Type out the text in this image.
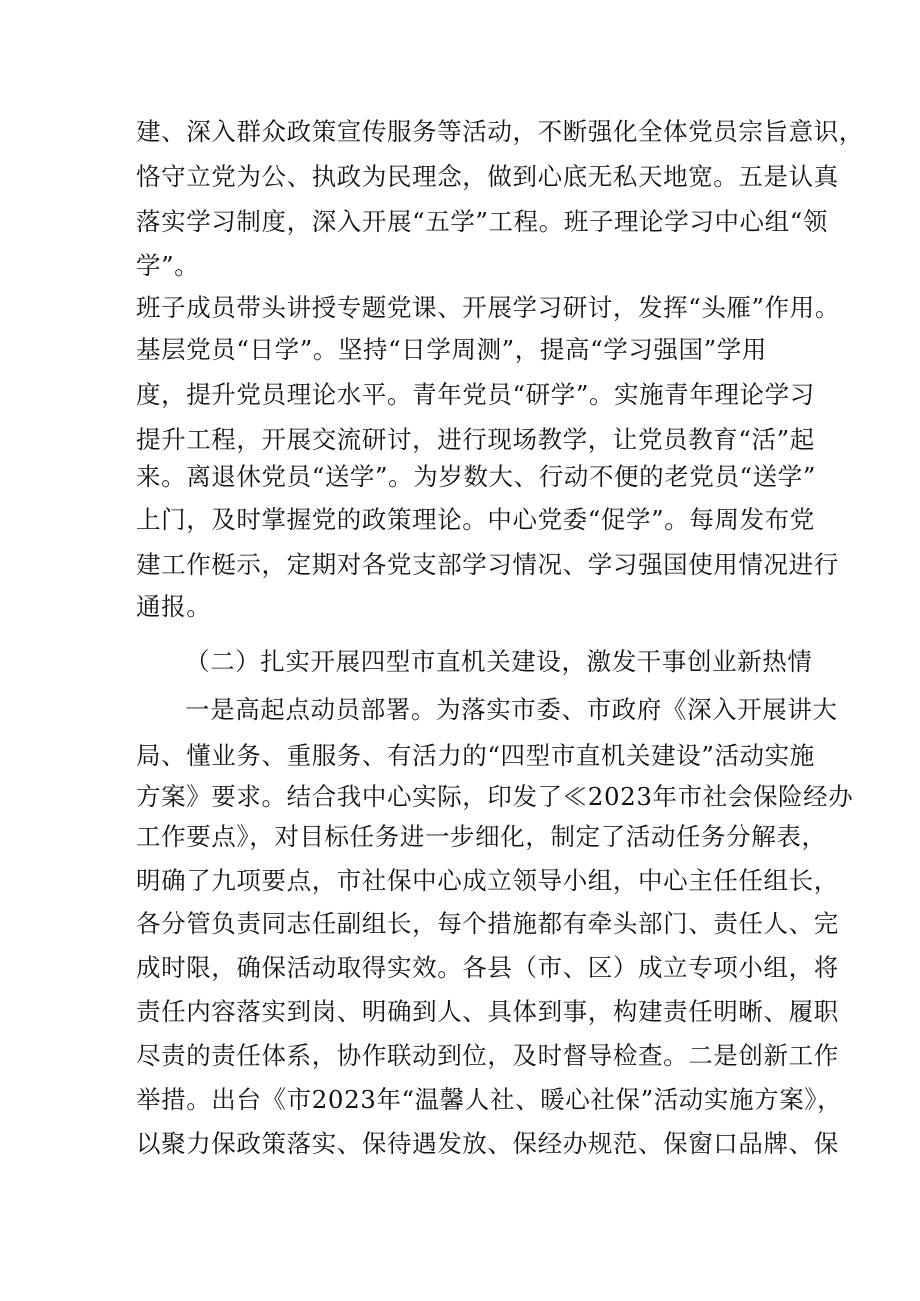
建、深入群众政策宣传服务等活动，不断强化全体党员宗旨意识，
恪守立党为公、执政为民理念，做到心底无私天地宽。五是认真
落实学习制度，深入开展“五学”工程。班子理论学习中心组“领
学”。
班子成员带头讲授专题党课、开展学习研讨，发挥“头雁”作用。
基层党员“日学”。坚持“日学周测”，提高“学习强国”学用
度，提升党员理论水平。青年党员“研学”。实施青年理论学习
提升工程，开展交流研讨，进行现场教学，让党员教育“活”起
来。离退休党员“送学”。为岁数大、行动不便的老党员“送学”
上门，及时掌握党的政策理论。中心党委“促学”。每周发布党
建工作梃示，定期对各党支部学习情况、学习强国使用情况进行
通报。
（二）扎实开展四型市直机关建设，激发干事创业新热情
一是高起点动员部署。为落实市委、市政府《深入开展讲大
局、懂业务、重服务、有活力的“四型市直机关建设”活动实施
方案》要求。结合我中心实际，印发了≪2023年市社会保险经办
工作要点》，对目标任务进一步细化，制定了活动任务分解表，
明确了九项要点，市社保中心成立领导小组，中心主任任组长，
各分管负责同志任副组长，每个措施都有牵头部门、责任人、完
成时限，确保活动取得实效。各县（市、区）成立专项小组，将
责任内容落实到岗、明确到人、具体到事，构建责任明晰、履职
尽责的责任体系，协作联动到位，及时督导检查。二是创新工作
举措。出台《市2023年“温馨人社、暖心社保”活动实施方案》，
以聚力保政策落实、保待遇发放、保经办规范、保窗口品牌、保
